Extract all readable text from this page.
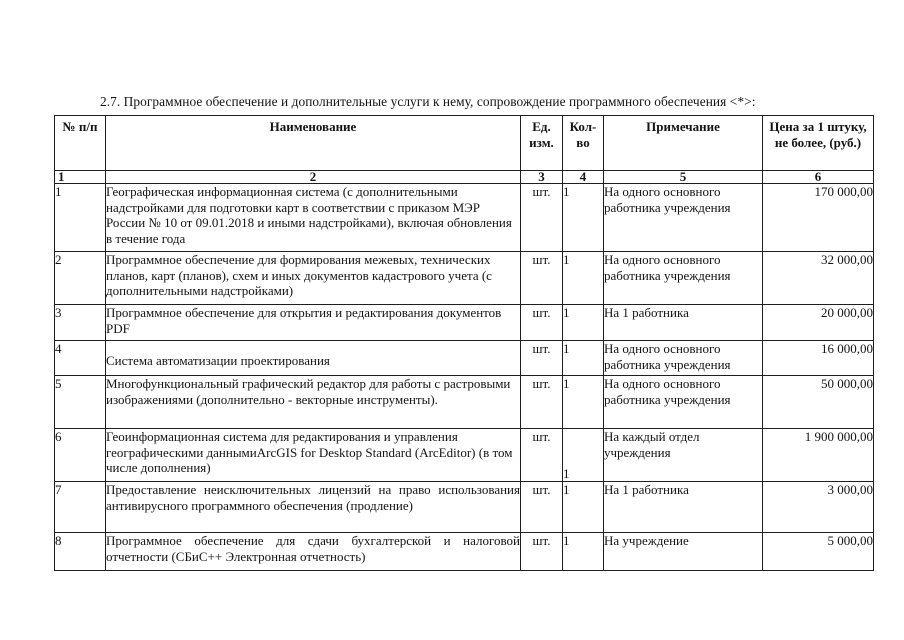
2.7. Программное обеспечение и дополнительные услуги к нему, сопровождение программного обеспечения <*>:
№ п/п	Наименование	Ед. изм.	Кол-во	Примечание	Цена за 1 штуку, не более, (руб.)
1	2	3	4	5	6
1	Географическая информационная система (с дополнительными надстройками для подготовки карт в соответствии с приказом МЭР России № 10 от 09.01.2018 и иными надстройками), включая обновления в течение года	шт.	1	На одного основного работника учреждения	170 000,00
2	Программное обеспечение для формирования межевых, технических планов, карт (планов), схем и иных документов кадастрового учета (с дополнительными надстройками)	шт.	1	На одного основного работника учреждения	32 000,00
3	Программное обеспечение для открытия и редактирования документов PDF	шт.	1	На 1 работника	20 000,00
4	Система автоматизации проектирования	шт.	1	На одного основного работника учреждения	16 000,00
5	Многофункциональный графический редактор для работы с растровыми изображениями (дополнительно - векторные инструменты).	шт.	1	На одного основного работника учреждения	50 000,00
6	Геоинформационная система для редактирования и управления географическими даннымиArcGIS for Desktop Standard (ArcEditor) (в том числе дополнения)	шт.	1	На каждый отдел учреждения	1 900 000,00
7	Предоставление неисключительных лицензий на право использования антивирусного программного обеспечения (продление)	шт.	1	На 1 работника	3 000,00
8	Программное обеспечение для сдачи бухгалтерской и налоговой отчетности (СБиС++ Электронная отчетность)	шт.	1	На учреждение	5 000,00
